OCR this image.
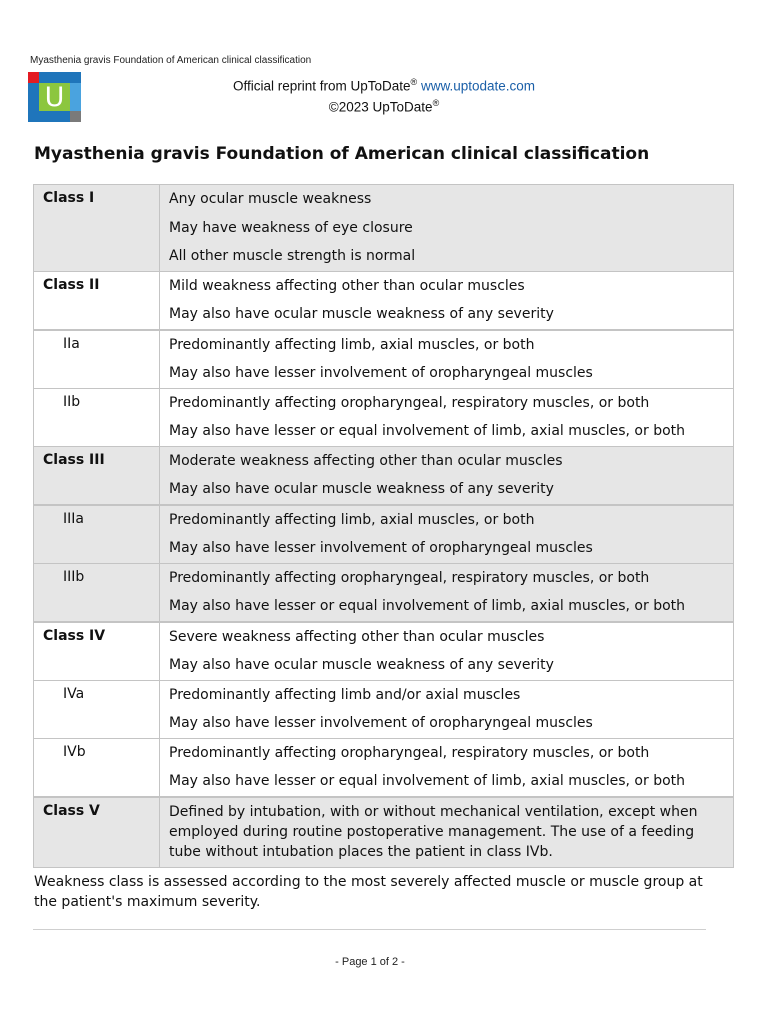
Myasthenia gravis Foundation of American clinical classification
U	Official reprint from UpToDate® www.uptodate.com
©2023 UpToDate®
Myasthenia gravis Foundation of American clinical classification
Class I	Any ocular muscle weakness
May have weakness of eye closure
All other muscle strength is normal

Class II	Mild weakness affecting other than ocular muscles
May also have ocular muscle weakness of any severity

IIa	Predominantly affecting limb, axial muscles, or both
May also have lesser involvement of oropharyngeal muscles

IIb	Predominantly affecting oropharyngeal, respiratory muscles, or both
May also have lesser or equal involvement of limb, axial muscles, or both

Class III	Moderate weakness affecting other than ocular muscles
May also have ocular muscle weakness of any severity

IIIa	Predominantly affecting limb, axial muscles, or both
May also have lesser involvement of oropharyngeal muscles

IIIb	Predominantly affecting oropharyngeal, respiratory muscles, or both
May also have lesser or equal involvement of limb, axial muscles, or both

Class IV	Severe weakness affecting other than ocular muscles
May also have ocular muscle weakness of any severity

IVa	Predominantly affecting limb and/or axial muscles
May also have lesser involvement of oropharyngeal muscles

IVb	Predominantly affecting oropharyngeal, respiratory muscles, or both
May also have lesser or equal involvement of limb, axial muscles, or both

Class V	Defined by intubation, with or without mechanical ventilation, except when employed during routine postoperative management. The use of a feeding tube without intubation places the patient in class IVb.
Weakness class is assessed according to the most severely affected muscle or muscle group at the patient's maximum severity.
- Page 1 of 2 -
